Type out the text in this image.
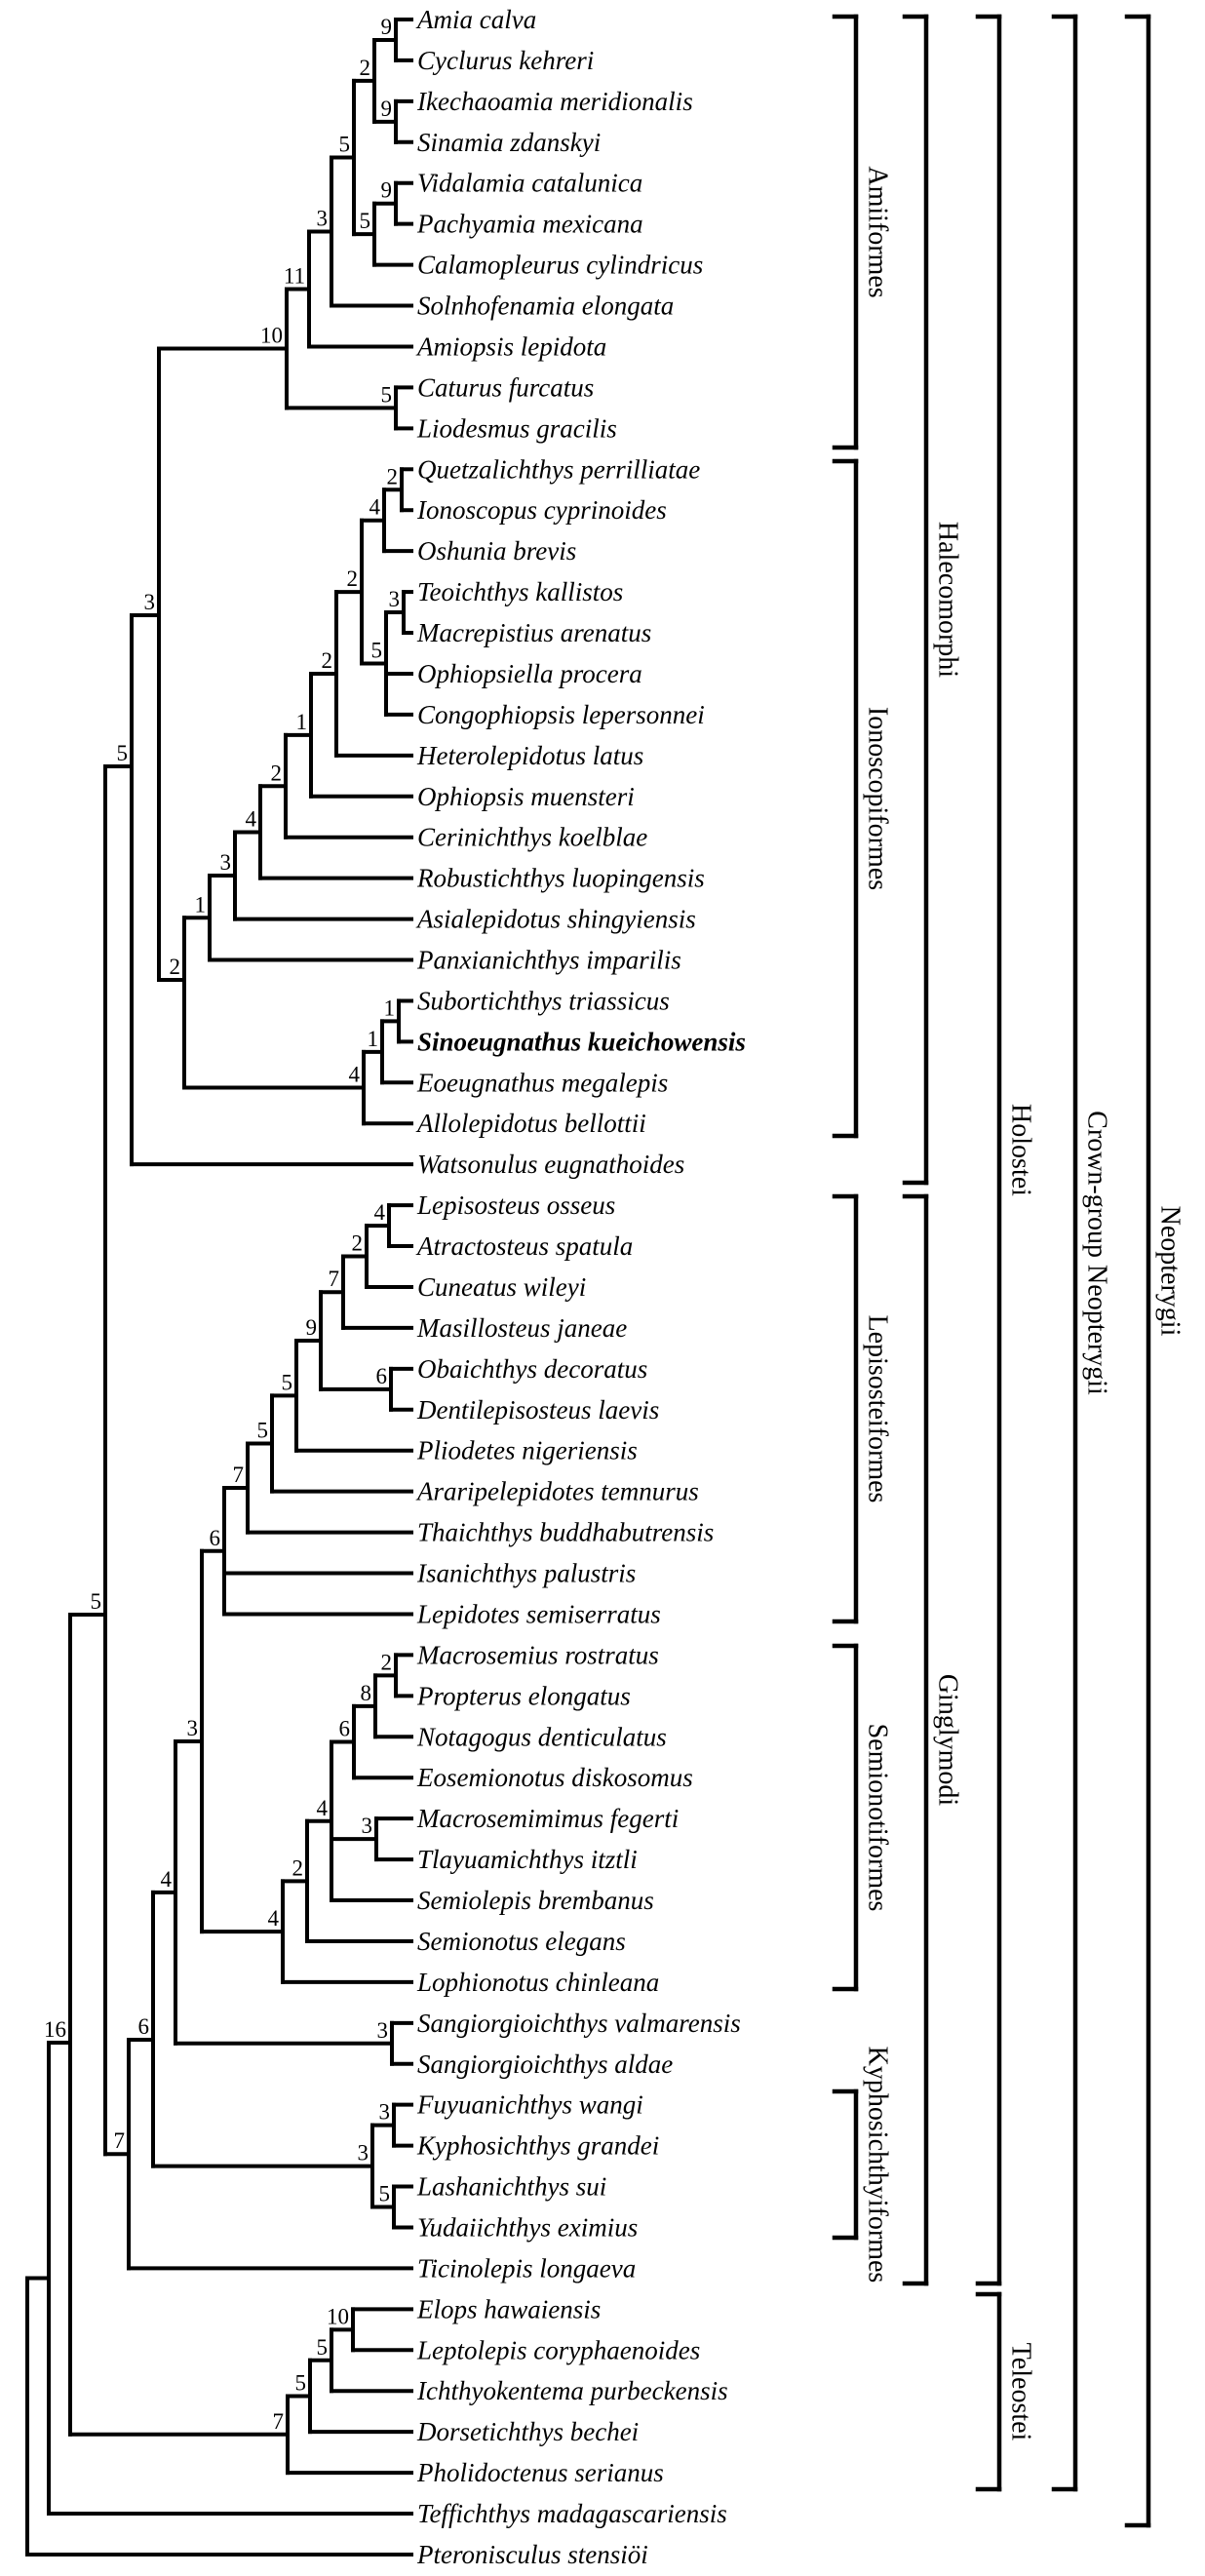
Amia calva
Cyclurus kehreri
9
Ikechaoamia meridionalis
Sinamia zdanskyi
9
2
Vidalamia catalunica
Pachyamia mexicana
9
Calamopleurus cylindricus
5
5
Solnhofenamia elongata
3
Amiopsis lepidota
11
Caturus furcatus
Liodesmus gracilis
5
10
Quetzalichthys perrilliatae
Ionoscopus cyprinoides
2
Oshunia brevis
4
Teoichthys kallistos
Macrepistius arenatus
3
Ophiopsiella procera
Congophiopsis lepersonnei
5
2
Heterolepidotus latus
2
Ophiopsis muensteri
1
Cerinichthys koelblae
2
Robustichthys luopingensis
4
Asialepidotus shingyiensis
3
Panxianichthys imparilis
1
Subortichthys triassicus
Sinoeugnathus kueichowensis
1
Eoeugnathus megalepis
1
Allolepidotus bellottii
4
2
3
Watsonulus eugnathoides
5
Lepisosteus osseus
Atractosteus spatula
4
Cuneatus wileyi
2
Masillosteus janeae
7
Obaichthys decoratus
Dentilepisosteus laevis
6
9
Pliodetes nigeriensis
5
Araripelepidotes temnurus
5
Thaichthys buddhabutrensis
7
Isanichthys palustris
Lepidotes semiserratus
6
Macrosemius rostratus
Propterus elongatus
2
Notagogus denticulatus
8
Eosemionotus diskosomus
6
Macrosemimimus fegerti
Tlayuamichthys itztli
3
Semiolepis brembanus
4
Semionotus elegans
2
Lophionotus chinleana
4
3
Sangiorgioichthys valmarensis
Sangiorgioichthys aldae
3
4
Fuyuanichthys wangi
Kyphosichthys grandei
3
Lashanichthys sui
Yudaiichthys eximius
5
3
6
Ticinolepis longaeva
7
5
Elops hawaiensis
Leptolepis coryphaenoides
10
Ichthyokentema purbeckensis
5
Dorsetichthys bechei
5
Pholidoctenus serianus
7
16
Teffichthys madagascariensis
Pteronisculus stensiöi
Amiiformes
Ionoscopiformes
Halecomorphi
Lepisosteiformes
Semionotiformes
Kyphosichthyiformes
Ginglymodi
Holostei
Teleostei
Crown-group Neopterygii Neopterygii
